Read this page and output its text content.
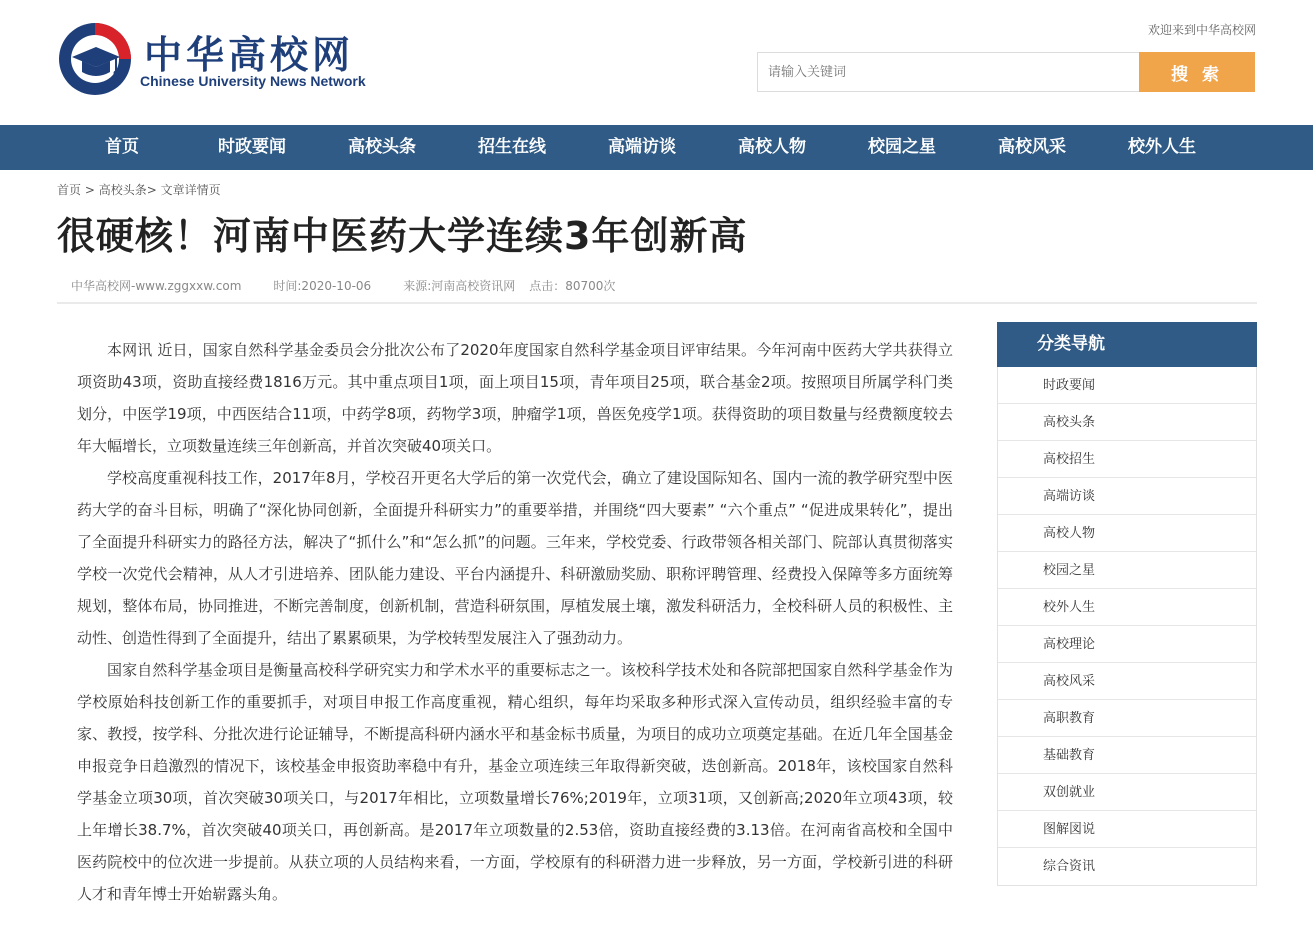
中华高校网
Chinese University News Network
欢迎来到中华高校网
请输入关键词
搜 索
首页	时政要闻	高校头条	招生在线	高端访谈	高校人物	校园之星	高校风采	校外人生
首页 > 高校头条> 文章详情页
很硬核！河南中医药大学连续3年创新高
中华高校网-www.zggxxw.com	时间:2020-10-06	来源:河南高校资讯网 点击：80700次

本网讯 近日，国家自然科学基金委员会分批次公布了2020年度国家自然科学基金项目评审结果。今年河南中医药大学共获得立项资助43项，资助直接经费1816万元。其中重点项目1项，面上项目15项，青年项目25项，联合基金2项。按照项目所属学科门类划分，中医学19项，中西医结合11项，中药学8项，药物学3项，肿瘤学1项，兽医免疫学1项。获得资助的项目数量与经费额度较去年大幅增长，立项数量连续三年创新高，并首次突破40项关口。

学校高度重视科技工作，2017年8月，学校召开更名大学后的第一次党代会，确立了建设国际知名、国内一流的教学研究型中医药大学的奋斗目标，明确了“深化协同创新，全面提升科研实力”的重要举措，并围绕“四大要素” “六个重点” “促进成果转化”，提出了全面提升科研实力的路径方法，解决了“抓什么”和“怎么抓”的问题。三年来，学校党委、行政带领各相关部门、院部认真贯彻落实学校一次党代会精神，从人才引进培养、团队能力建设、平台内涵提升、科研激励奖励、职称评聘管理、经费投入保障等多方面统筹规划，整体布局，协同推进，不断完善制度，创新机制，营造科研氛围，厚植发展土壤，激发科研活力，全校科研人员的积极性、主动性、创造性得到了全面提升，结出了累累硕果，为学校转型发展注入了强劲动力。

国家自然科学基金项目是衡量高校科学研究实力和学术水平的重要标志之一。该校科学技术处和各院部把国家自然科学基金作为学校原始科技创新工作的重要抓手，对项目申报工作高度重视，精心组织，每年均采取多种形式深入宣传动员，组织经验丰富的专家、教授，按学科、分批次进行论证辅导，不断提高科研内涵水平和基金标书质量，为项目的成功立项奠定基础。在近几年全国基金申报竞争日趋激烈的情况下，该校基金申报资助率稳中有升，基金立项连续三年取得新突破，迭创新高。2018年，该校国家自然科学基金立项30项，首次突破30项关口，与2017年相比，立项数量增长76%;2019年，立项31项，又创新高;2020年立项43项，较上年增长38.7%，首次突破40项关口，再创新高。是2017年立项数量的2.53倍，资助直接经费的3.13倍。在河南省高校和全国中医药院校中的位次进一步提前。从获立项的人员结构来看，一方面，学校原有的科研潜力进一步释放，另一方面，学校新引进的科研人才和青年博士开始崭露头角。

分类导航
时政要闻
高校头条
高校招生
高端访谈
高校人物
校园之星
校外人生
高校理论
高校风采
高职教育
基础教育
双创就业
图解図说
综合资讯
